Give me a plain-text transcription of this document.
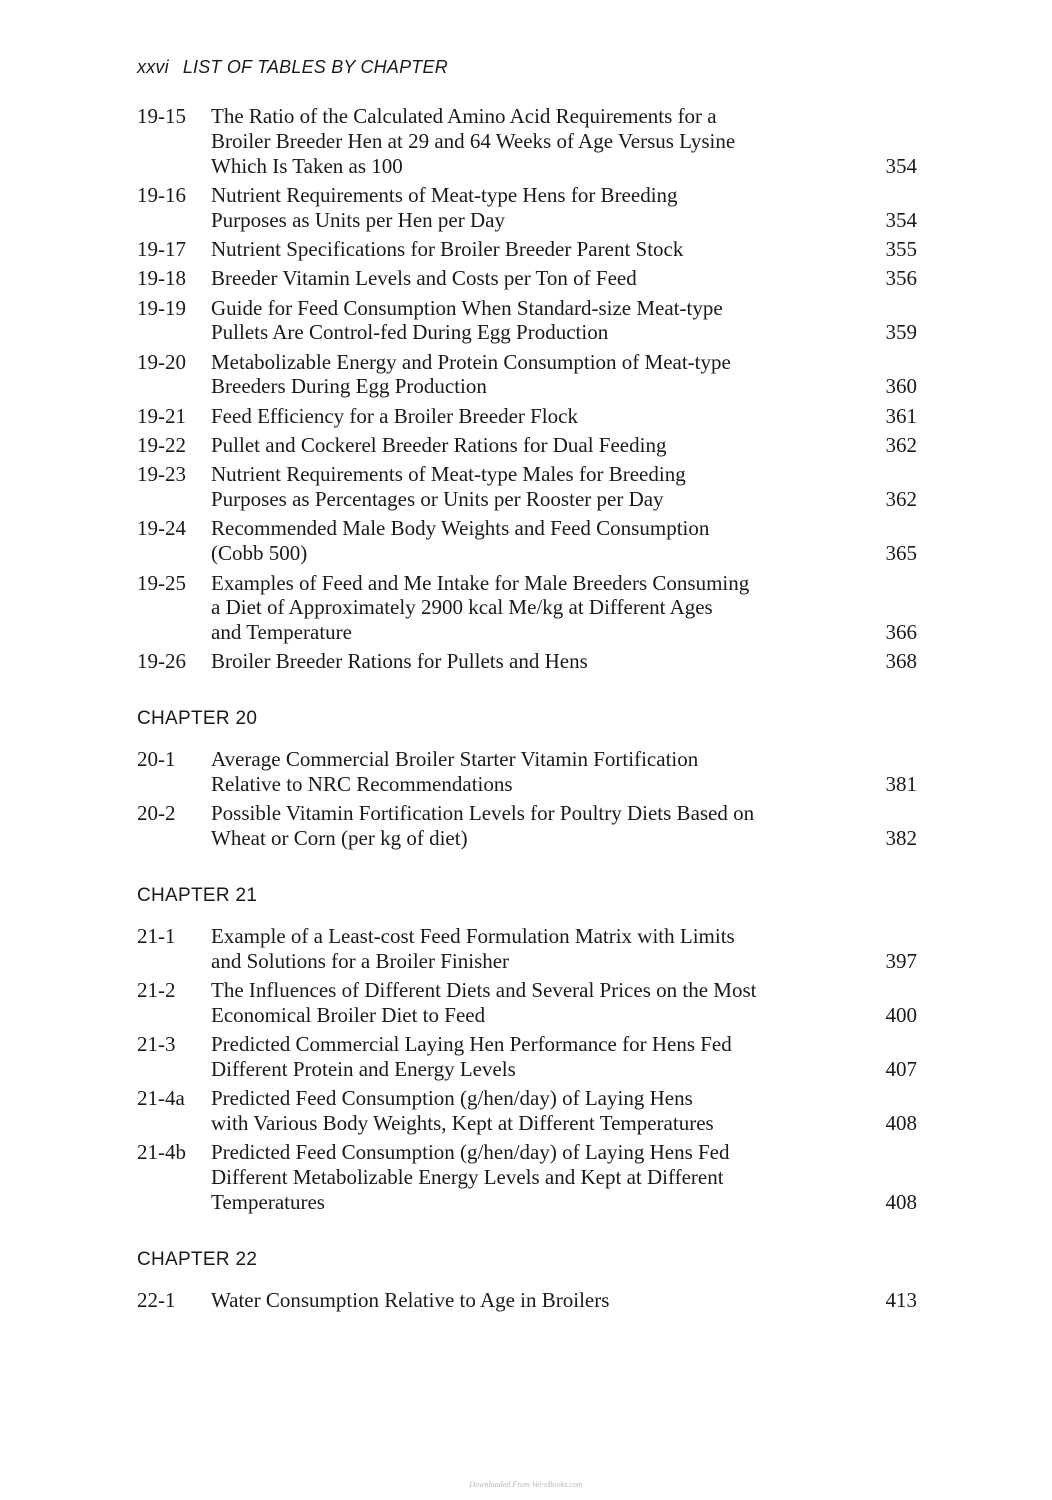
xxvi LIST OF TABLES BY CHAPTER
19-15	The Ratio of the Calculated Amino Acid Requirements for a
Broiler Breeder Hen at 29 and 64 Weeks of Age Versus Lysine
Which Is Taken as 100	354
19-16	Nutrient Requirements of Meat-type Hens for Breeding
Purposes as Units per Hen per Day	354
19-17	Nutrient Specifications for Broiler Breeder Parent Stock	355
19-18	Breeder Vitamin Levels and Costs per Ton of Feed	356
19-19	Guide for Feed Consumption When Standard-size Meat-type
Pullets Are Control-fed During Egg Production	359
19-20	Metabolizable Energy and Protein Consumption of Meat-type
Breeders During Egg Production	360
19-21	Feed Efficiency for a Broiler Breeder Flock	361
19-22	Pullet and Cockerel Breeder Rations for Dual Feeding	362
19-23	Nutrient Requirements of Meat-type Males for Breeding
Purposes as Percentages or Units per Rooster per Day	362
19-24	Recommended Male Body Weights and Feed Consumption
(Cobb 500)	365
19-25	Examples of Feed and Me Intake for Male Breeders Consuming
a Diet of Approximately 2900 kcal Me/kg at Different Ages
and Temperature	366
19-26	Broiler Breeder Rations for Pullets and Hens	368
CHAPTER 20
20-1	Average Commercial Broiler Starter Vitamin Fortification
Relative to NRC Recommendations	381
20-2	Possible Vitamin Fortification Levels for Poultry Diets Based on
Wheat or Corn (per kg of diet)	382
CHAPTER 21
21-1	Example of a Least-cost Feed Formulation Matrix with Limits
and Solutions for a Broiler Finisher	397
21-2	The Influences of Different Diets and Several Prices on the Most
Economical Broiler Diet to Feed	400
21-3	Predicted Commercial Laying Hen Performance for Hens Fed
Different Protein and Energy Levels	407
21-4a	Predicted Feed Consumption (g/hen/day) of Laying Hens
with Various Body Weights, Kept at Different Temperatures	408
21-4b	Predicted Feed Consumption (g/hen/day) of Laying Hens Fed
Different Metabolizable Energy Levels and Kept at Different
Temperatures	408
CHAPTER 22
22-1	Water Consumption Relative to Age in Broilers	413
Downloaded From Vet-eBooks.com
